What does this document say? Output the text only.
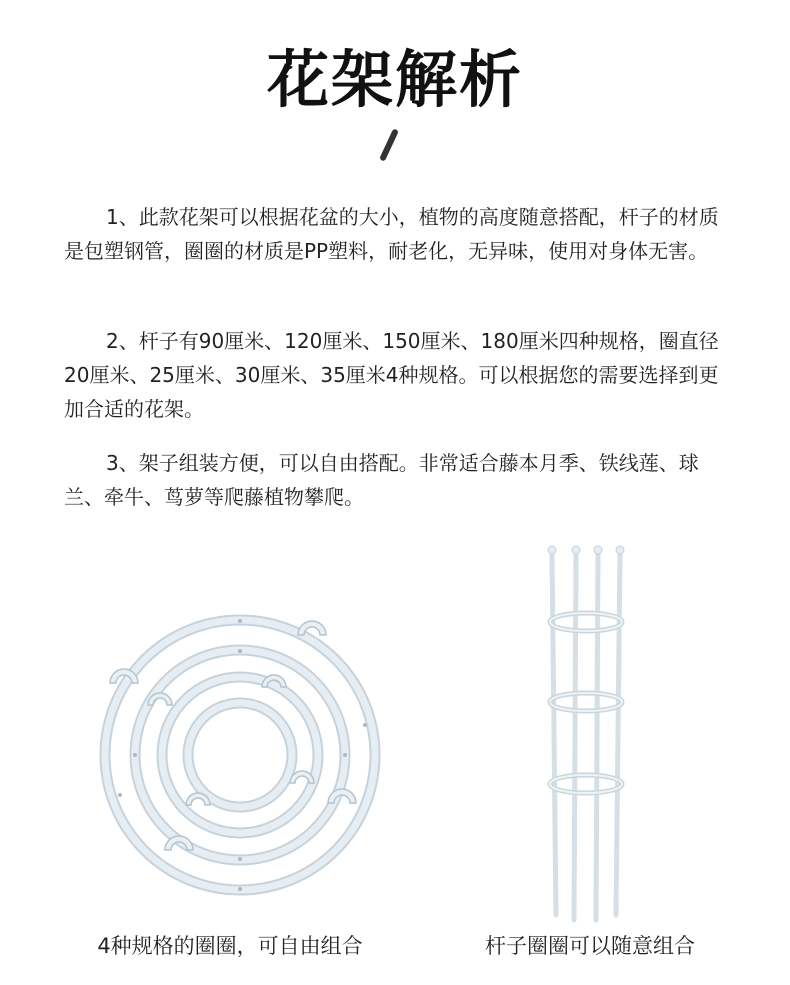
花架解析

1、此款花架可以根据花盆的大小，植物的高度随意搭配，杆子的材质是包塑钢管，圈圈的材质是PP塑料，耐老化，无异味，使用对身体无害。

2、杆子有90厘米、120厘米、150厘米、180厘米四种规格，圈直径20厘米、25厘米、30厘米、35厘米4种规格。可以根据您的需要选择到更加合适的花架。

3、架子组装方便，可以自由搭配。非常适合藤本月季、铁线莲、球兰、牵牛、茑萝等爬藤植物攀爬。

4种规格的圈圈，可自由组合	杆子圈圈可以随意组合
